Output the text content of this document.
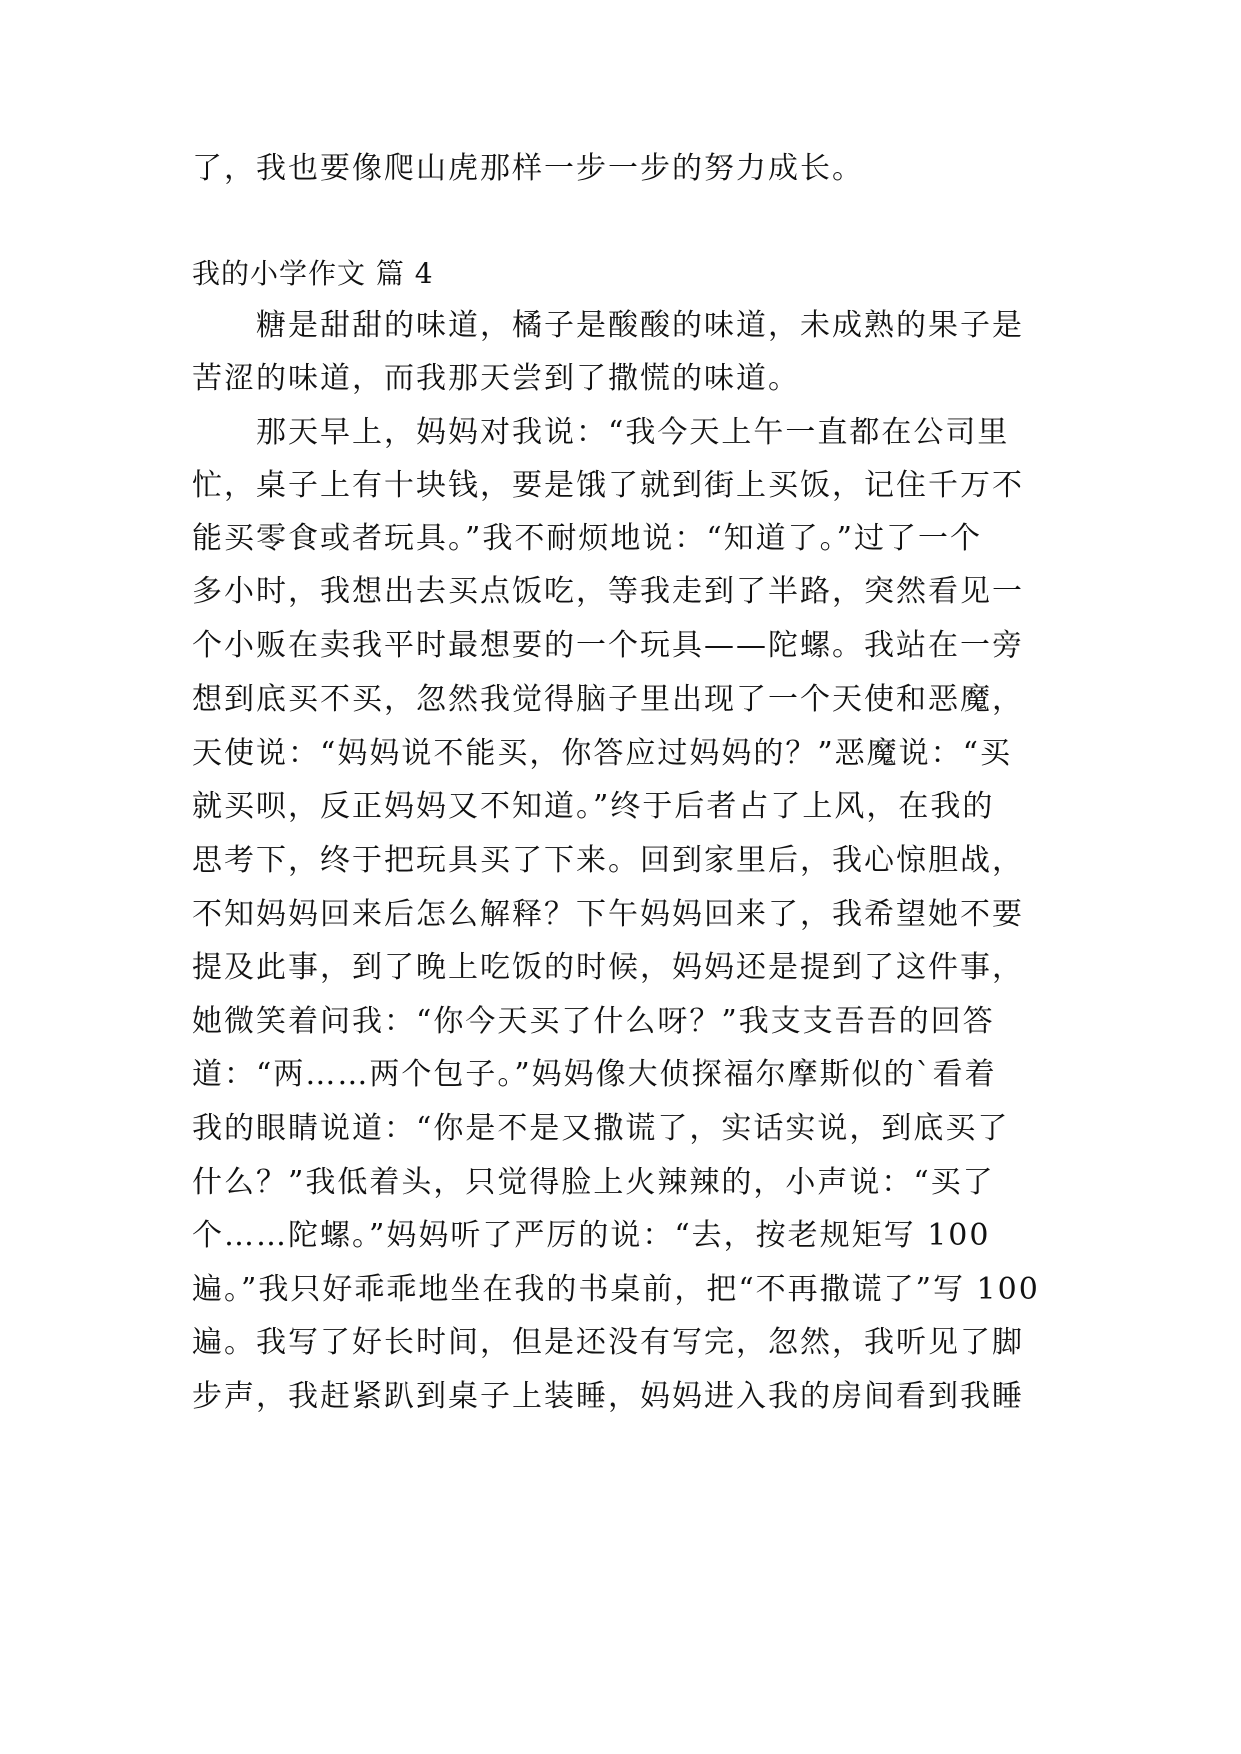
了，我也要像爬山虎那样一步一步的努力成长。
我的小学作文 篇 4
糖是甜甜的味道，橘子是酸酸的味道，未成熟的果子是
苦涩的味道，而我那天尝到了撒慌的味道。
那天早上，妈妈对我说：“我今天上午一直都在公司里
忙，桌子上有十块钱，要是饿了就到街上买饭，记住千万不
能买零食或者玩具。”我不耐烦地说：“知道了。”过了一个
多小时，我想出去买点饭吃，等我走到了半路，突然看见一
个小贩在卖我平时最想要的一个玩具——陀螺。我站在一旁
想到底买不买，忽然我觉得脑子里出现了一个天使和恶魔，
天使说：“妈妈说不能买，你答应过妈妈的？”恶魔说：“买
就买呗，反正妈妈又不知道。”终于后者占了上风，在我的
思考下，终于把玩具买了下来。回到家里后，我心惊胆战，
不知妈妈回来后怎么解释？下午妈妈回来了，我希望她不要
提及此事，到了晚上吃饭的时候，妈妈还是提到了这件事，
她微笑着问我：“你今天买了什么呀？”我支支吾吾的回答
道：“两……两个包子。”妈妈像大侦探福尔摩斯似的`看着
我的眼睛说道：“你是不是又撒谎了，实话实说，到底买了
什么？”我低着头，只觉得脸上火辣辣的，小声说：“买了
个……陀螺。”妈妈听了严厉的说：“去，按老规矩写 100
遍。”我只好乖乖地坐在我的书桌前，把“不再撒谎了”写 100
遍。我写了好长时间，但是还没有写完，忽然，我听见了脚
步声，我赶紧趴到桌子上装睡，妈妈进入我的房间看到我睡
